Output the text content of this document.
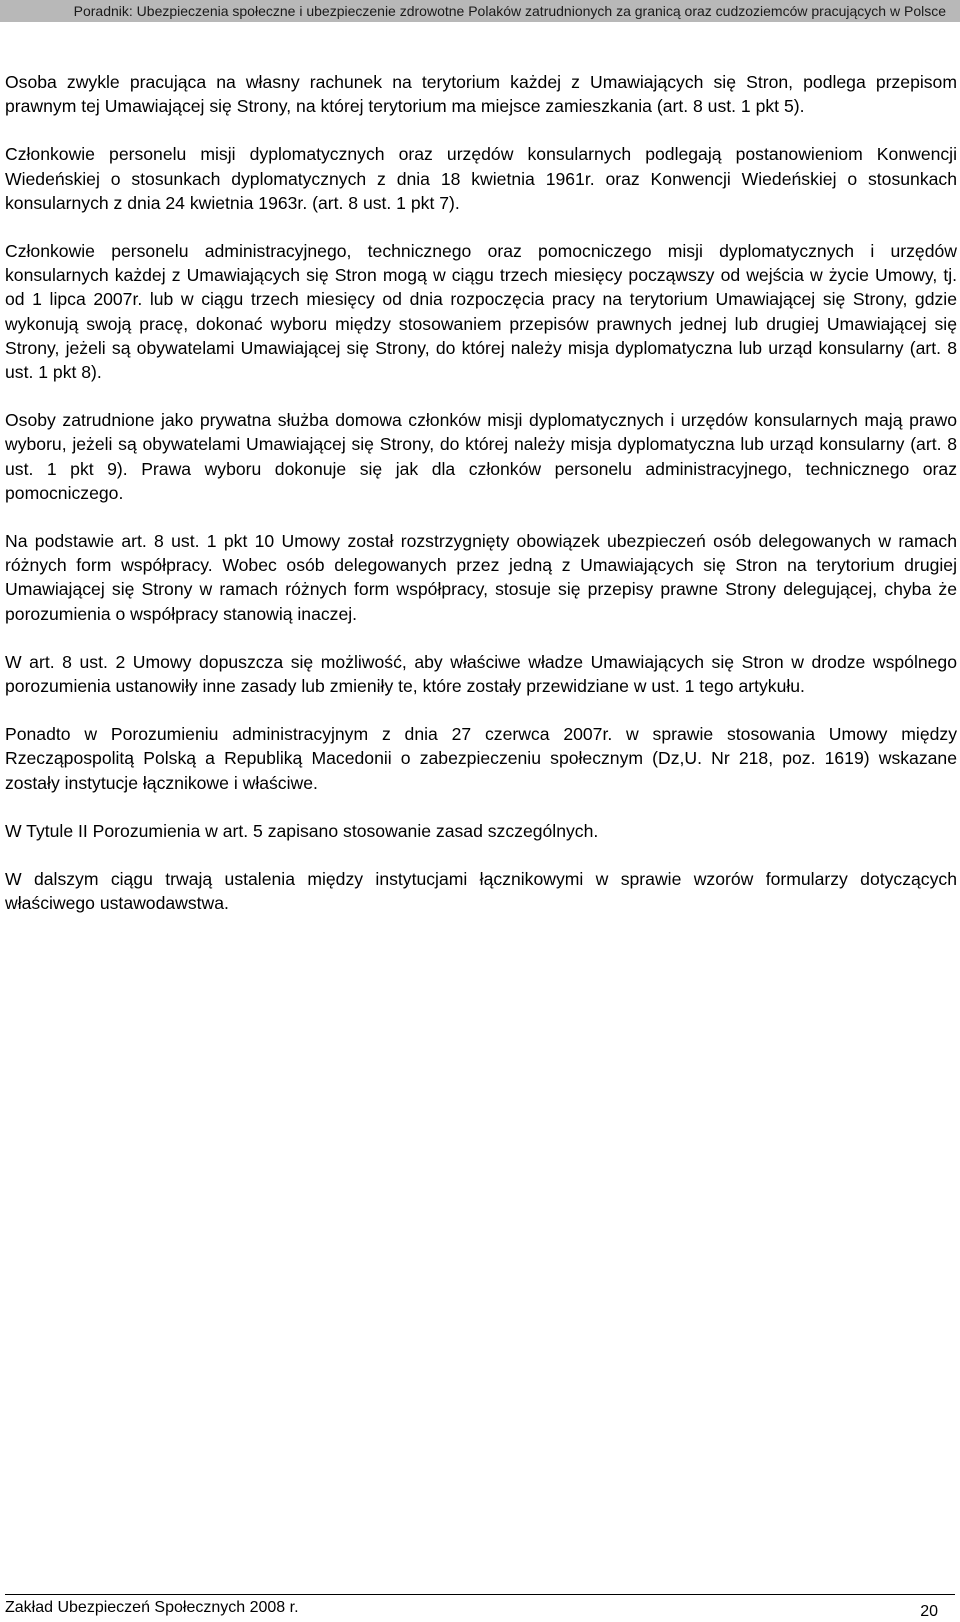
Poradnik: Ubezpieczenia społeczne i ubezpieczenie zdrowotne Polaków zatrudnionych za granicą oraz cudzoziemców pracujących w Polsce

Osoba zwykle pracująca na własny rachunek na terytorium każdej z Umawiających się Stron, podlega przepisom prawnym tej Umawiającej się Strony, na której terytorium ma miejsce zamieszkania (art. 8 ust. 1 pkt 5).

Członkowie personelu misji dyplomatycznych oraz urzędów konsularnych podlegają postanowieniom Konwencji Wiedeńskiej o stosunkach dyplomatycznych z dnia 18 kwietnia 1961r. oraz Konwencji Wiedeńskiej o stosunkach konsularnych z dnia 24 kwietnia 1963r. (art. 8 ust. 1 pkt 7).

Członkowie personelu administracyjnego, technicznego oraz pomocniczego misji dyplomatycznych i urzędów konsularnych każdej z Umawiających się Stron mogą w ciągu trzech miesięcy począwszy od wejścia w życie Umowy, tj. od 1 lipca 2007r. lub w ciągu trzech miesięcy od dnia rozpoczęcia pracy na terytorium Umawiającej się Strony, gdzie wykonują swoją pracę, dokonać wyboru między stosowaniem przepisów prawnych jednej lub drugiej Umawiającej się Strony, jeżeli są obywatelami Umawiającej się Strony, do której należy misja dyplomatyczna lub urząd konsularny (art. 8 ust. 1 pkt 8).

Osoby zatrudnione jako prywatna służba domowa członków misji dyplomatycznych i urzędów konsularnych mają prawo wyboru, jeżeli są obywatelami Umawiającej się Strony, do której należy misja dyplomatyczna lub urząd konsularny (art. 8 ust. 1 pkt 9). Prawa wyboru dokonuje się jak dla członków personelu administracyjnego, technicznego oraz pomocniczego.

Na podstawie art. 8 ust. 1 pkt 10 Umowy został rozstrzygnięty obowiązek ubezpieczeń osób delegowanych w ramach różnych form współpracy. Wobec osób delegowanych przez jedną z Umawiających się Stron na terytorium drugiej Umawiającej się Strony w ramach różnych form współpracy, stosuje się przepisy prawne Strony delegującej, chyba że porozumienia o współpracy stanowią inaczej.

W art. 8 ust. 2 Umowy dopuszcza się możliwość, aby właściwe władze Umawiających się Stron w drodze wspólnego porozumienia ustanowiły inne zasady lub zmieniły te, które zostały przewidziane w ust. 1 tego artykułu.

Ponadto w Porozumieniu administracyjnym z dnia 27 czerwca 2007r. w sprawie stosowania Umowy między Rzecząpospolitą Polską a Republiką Macedonii o zabezpieczeniu społecznym (Dz,U. Nr 218, poz. 1619) wskazane zostały instytucje łącznikowe i właściwe.

W Tytule II Porozumienia w art. 5 zapisano stosowanie zasad szczególnych.

W dalszym ciągu trwają ustalenia między instytucjami łącznikowymi w sprawie wzorów formularzy dotyczących właściwego ustawodawstwa.

Zakład Ubezpieczeń Społecznych 2008 r.	20
